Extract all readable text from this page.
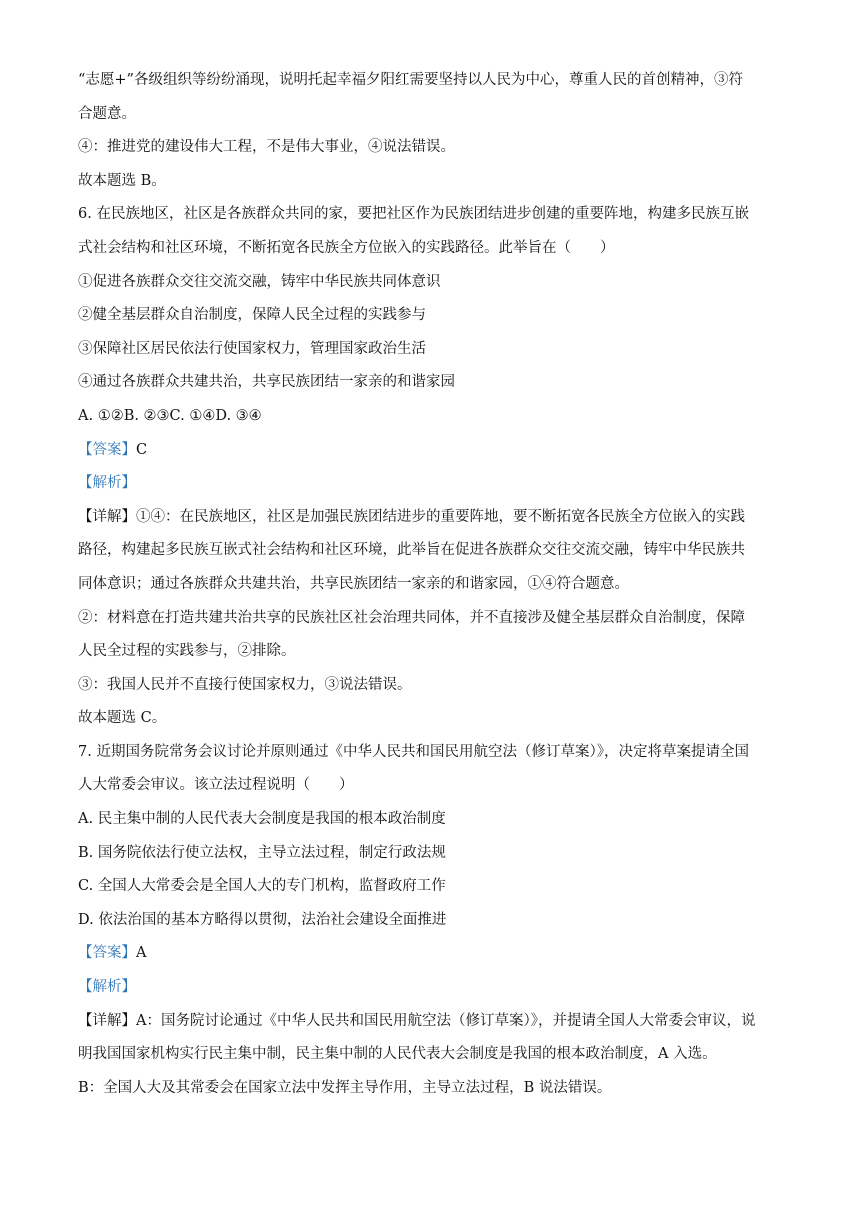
“志愿+”各级组织等纷纷涌现，说明托起幸福夕阳红需要坚持以人民为中心，尊重人民的首创精神，③符
合题意。
④：推进党的建设伟大工程，不是伟大事业，④说法错误。
故本题选 B。
6. 在民族地区，社区是各族群众共同的家，要把社区作为民族团结进步创建的重要阵地，构建多民族互嵌
式社会结构和社区环境，不断拓宽各民族全方位嵌入的实践路径。此举旨在（　　）
①促进各族群众交往交流交融，铸牢中华民族共同体意识
②健全基层群众自治制度，保障人民全过程的实践参与
③保障社区居民依法行使国家权力，管理国家政治生活
④通过各族群众共建共治，共享民族团结一家亲的和谐家园
A. ①②B. ②③C. ①④D. ③④
【答案】C
【解析】
【详解】①④：在民族地区，社区是加强民族团结进步的重要阵地，要不断拓宽各民族全方位嵌入的实践
路径，构建起多民族互嵌式社会结构和社区环境，此举旨在促进各族群众交往交流交融，铸牢中华民族共
同体意识；通过各族群众共建共治，共享民族团结一家亲的和谐家园，①④符合题意。
②：材料意在打造共建共治共享的民族社区社会治理共同体，并不直接涉及健全基层群众自治制度，保障
人民全过程的实践参与，②排除。
③：我国人民并不直接行使国家权力，③说法错误。
故本题选 C。
7. 近期国务院常务会议讨论并原则通过《中华人民共和国民用航空法（修订草案）》，决定将草案提请全国
人大常委会审议。该立法过程说明（　　）
A. 民主集中制的人民代表大会制度是我国的根本政治制度
B. 国务院依法行使立法权，主导立法过程，制定行政法规
C. 全国人大常委会是全国人大的专门机构，监督政府工作
D. 依法治国的基本方略得以贯彻，法治社会建设全面推进
【答案】A
【解析】
【详解】A：国务院讨论通过《中华人民共和国民用航空法（修订草案）》，并提请全国人大常委会审议，说
明我国国家机构实行民主集中制，民主集中制的人民代表大会制度是我国的根本政治制度，A 入选。
B：全国人大及其常委会在国家立法中发挥主导作用，主导立法过程，B 说法错误。
